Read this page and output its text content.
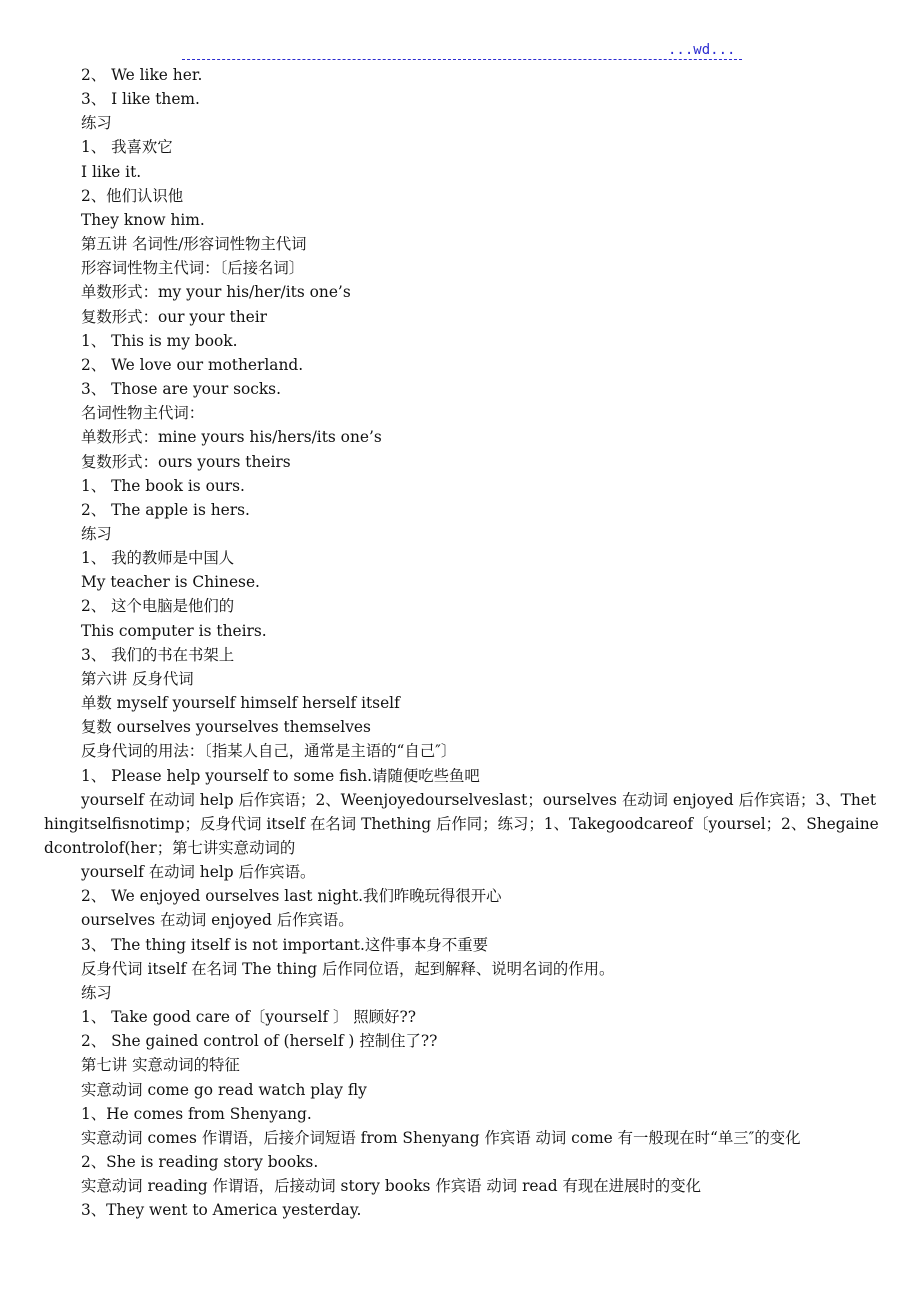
...wd...
2、 We like her.
3、 I like them.
练习
1、 我喜欢它
I like it.
2、他们认识他
They know him.
第五讲 名词性/形容词性物主代词
形容词性物主代词：〔后接名词〕
单数形式：my your his/her/its one’s
复数形式：our your their
1、 This is my book.
2、 We love our motherland.
3、 Those are your socks.
名词性物主代词：
单数形式：mine yours his/hers/its one’s
复数形式：ours yours theirs
1、 The book is ours.
2、 The apple is hers.
练习
1、 我的教师是中国人
My teacher is Chinese.
2、 这个电脑是他们的
This computer is theirs.
3、 我们的书在书架上
第六讲 反身代词
单数 myself yourself himself herself itself
复数 ourselves yourselves themselves
反身代词的用法：〔指某人自己，通常是主语的“自己″〕
1、 Please help yourself to some fish.请随便吃些鱼吧
yourself 在动词 help 后作宾语；2、Weenjoyedourselveslast；ourselves 在动词 enjoyed 后作宾语；3、Thethingitselfisnotimp；反身代词 itself 在名词 Thething 后作同；练习；1、Takegoodcareof〔yoursel；2、Shegainedcontrolof(her；第七讲实意动词的
yourself 在动词 help 后作宾语。
2、 We enjoyed ourselves last night.我们昨晚玩得很开心
ourselves 在动词 enjoyed 后作宾语。
3、 The thing itself is not important.这件事本身不重要
反身代词 itself 在名词 The thing 后作同位语，起到解释、说明名词的作用。
练习
1、 Take good care of〔yourself 〕 照顾好??
2、 She gained control of (herself ) 控制住了??
第七讲 实意动词的特征
实意动词 come go read watch play fly
1、He comes from Shenyang.
实意动词 comes 作谓语，后接介词短语 from Shenyang 作宾语 动词 come 有一般现在时“单三″的变化
2、She is reading story books.
实意动词 reading 作谓语，后接动词 story books 作宾语 动词 read 有现在进展时的变化
3、They went to America yesterday.
